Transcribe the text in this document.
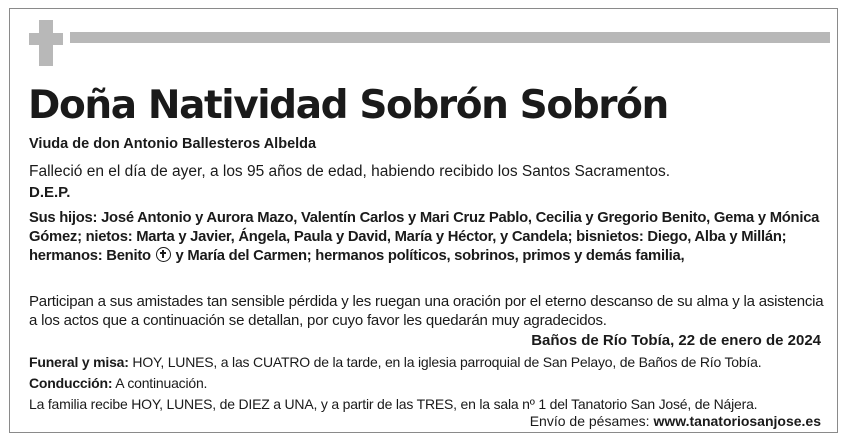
Doña Natividad Sobrón Sobrón

Viuda de don Antonio Ballesteros Albelda

Falleció en el día de ayer, a los 95 años de edad, habiendo recibido los Santos Sacramentos.

D.E.P.

Sus hijos: José Antonio y Aurora Mazo, Valentín Carlos y Mari Cruz Pablo, Cecilia y Gregorio Benito, Gema y Mónica Gómez; nietos: Marta y Javier, Ángela, Paula y David, María y Héctor, y Candela; bisnietos: Diego, Alba y Millán; hermanos: Benito y María del Carmen; hermanos políticos, sobrinos, primos y demás familia,

Participan a sus amistades tan sensible pérdida y les ruegan una oración por el eterno descanso de su alma y la asistencia a los actos que a continuación se detallan, por cuyo favor les quedarán muy agradecidos.

Baños de Río Tobía, 22 de enero de 2024

Funeral y misa: HOY, LUNES, a las CUATRO de la tarde, en la iglesia parroquial de San Pelayo, de Baños de Río Tobía.

Conducción: A continuación.

La familia recibe HOY, LUNES, de DIEZ a UNA, y a partir de las TRES, en la sala nº 1 del Tanatorio San José, de Nájera.

Envío de pésames: www.tanatoriosanjose.es
